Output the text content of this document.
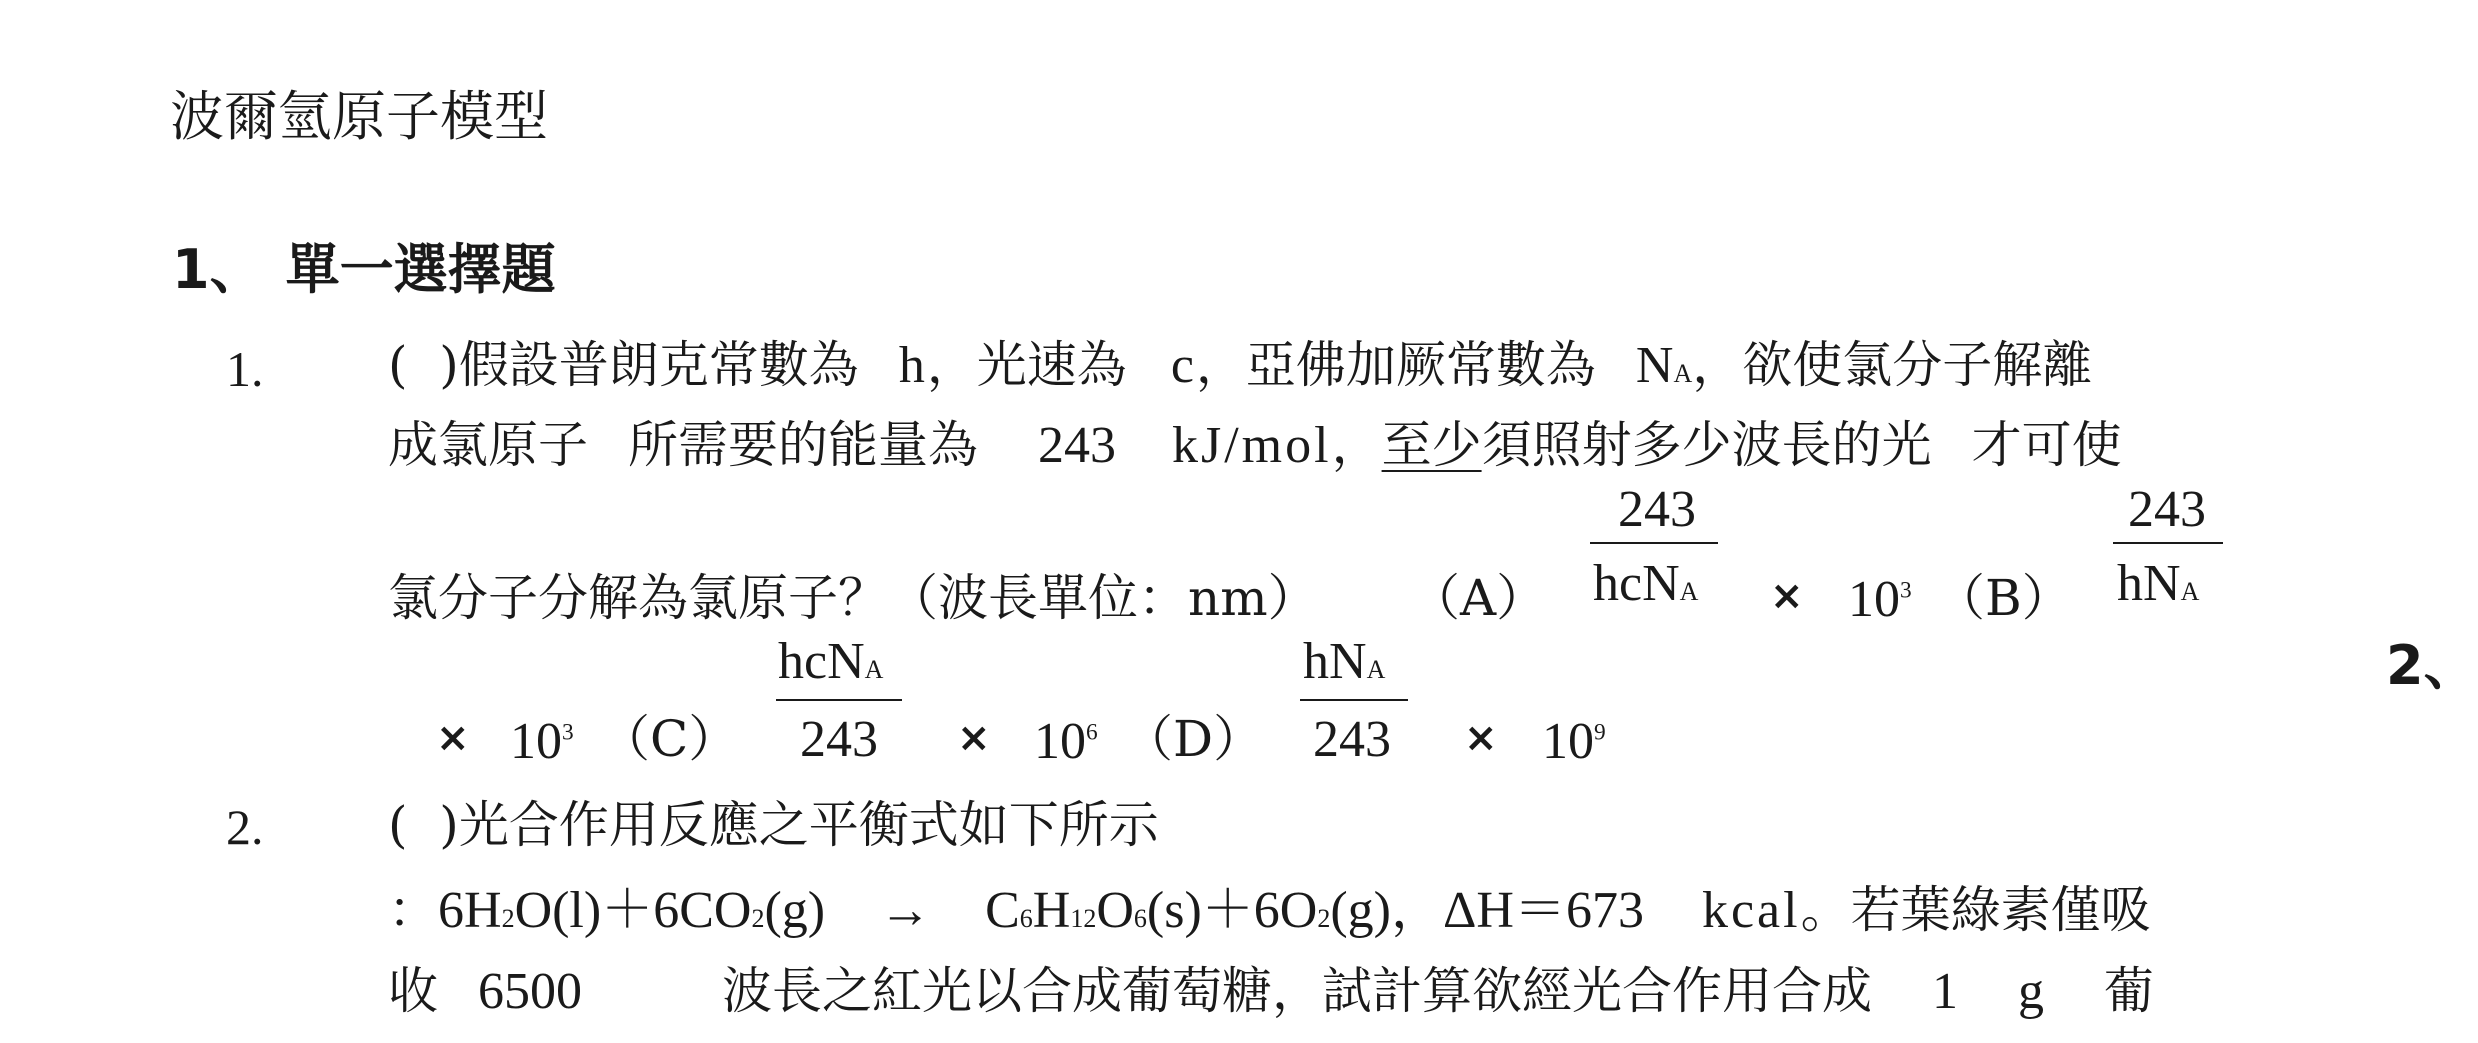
波爾氫原子模型
1、 單一選擇題
1. (  )假設普朗克常數為 h，光速為 c，亞佛加厥常數為 NA，欲使氯分子解離
成氯原子 所需要的能量為 243 kJ/mol，至少須照射多少波長的光 才可使
氯分子分解為氯原子？（波長單位：nm） （A）
243
hcNA × $10^3$ （B）
243
hNA
2、
× $10^3$ （C）
hcNA
$243 \times 10^6$ （D）
hNA
$243 \times 10^9$
2. (  )光合作用反應之平衡式如下所示
：6H2O(l)＋6CO2(g) → C6H12O6(s)＋6O2(g)，ΔH＝673 kcal。若葉綠素僅吸
收 6500	波長之紅光以合成葡萄糖，試計算欲經光合作用合成 1 g 葡
